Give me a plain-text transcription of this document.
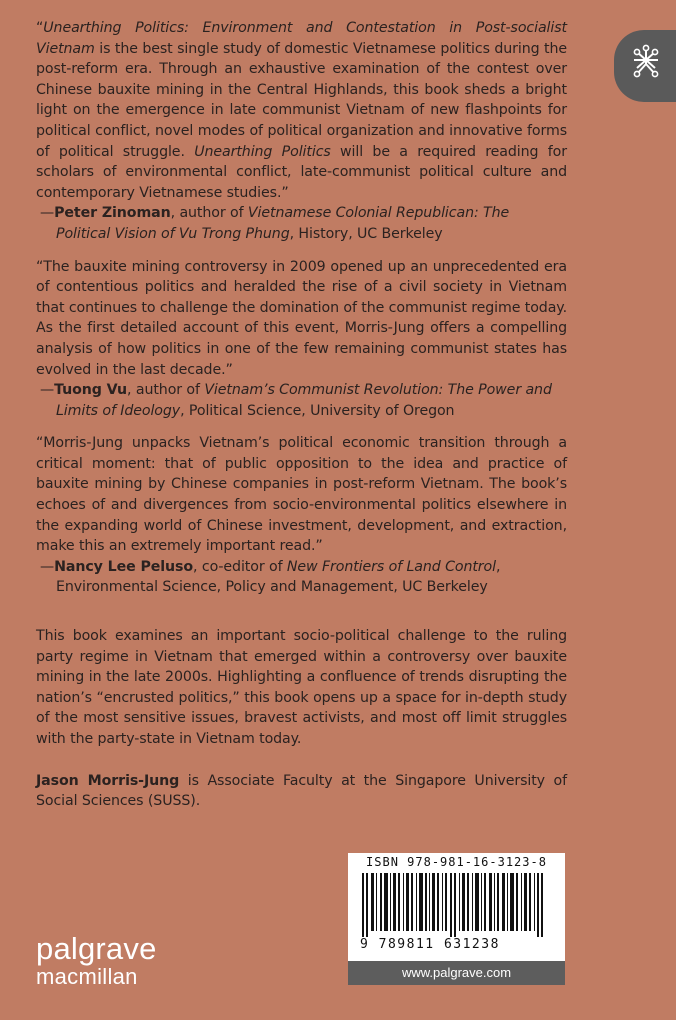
“Unearthing Politics: Environment and Contestation in Post-socialist Vietnam is the best single study of domestic Vietnamese politics during the post-reform era. Through an exhaustive examination of the contest over Chinese bauxite mining in the Central Highlands, this book sheds a bright light on the emergence in late communist Vietnam of new flashpoints for political conflict, novel modes of political organization and innovative forms of political struggle. Unearthing Politics will be a required reading for scholars of environmental conflict, late-communist political culture and contemporary Vietnamese studies.”

—Peter Zinoman, author of Vietnamese Colonial Republican: The Political Vision of Vu Trong Phung, History, UC Berkeley

“The bauxite mining controversy in 2009 opened up an unprecedented era of contentious politics and heralded the rise of a civil society in Vietnam that continues to challenge the domination of the communist regime today. As the first detailed account of this event, Morris-Jung offers a compelling analysis of how politics in one of the few remaining communist states has evolved in the last decade.”

—Tuong Vu, author of Vietnam’s Communist Revolution: The Power and Limits of Ideology, Political Science, University of Oregon

“Morris-Jung unpacks Vietnam’s political economic transition through a critical moment: that of public opposition to the idea and practice of bauxite mining by Chinese companies in post-reform Vietnam. The book’s echoes of and divergences from socio-environmental politics elsewhere in the expanding world of Chinese investment, development, and extraction, make this an extremely important read.”

—Nancy Lee Peluso, co-editor of New Frontiers of Land Control, Environmental Science, Policy and Management, UC Berkeley

This book examines an important socio-political challenge to the ruling party regime in Vietnam that emerged within a controversy over bauxite mining in the late 2000s. Highlighting a confluence of trends disrupting the nation’s “encrusted politics,” this book opens up a space for in-depth study of the most sensitive issues, bravest activists, and most off limit struggles with the party-state in Vietnam today.

Jason Morris-Jung is Associate Faculty at the Singapore University of Social Sciences (SUSS).

ISBN 978-981-16-3123-8
9 789811 631238
www.palgrave.com
palgrave
macmillan
